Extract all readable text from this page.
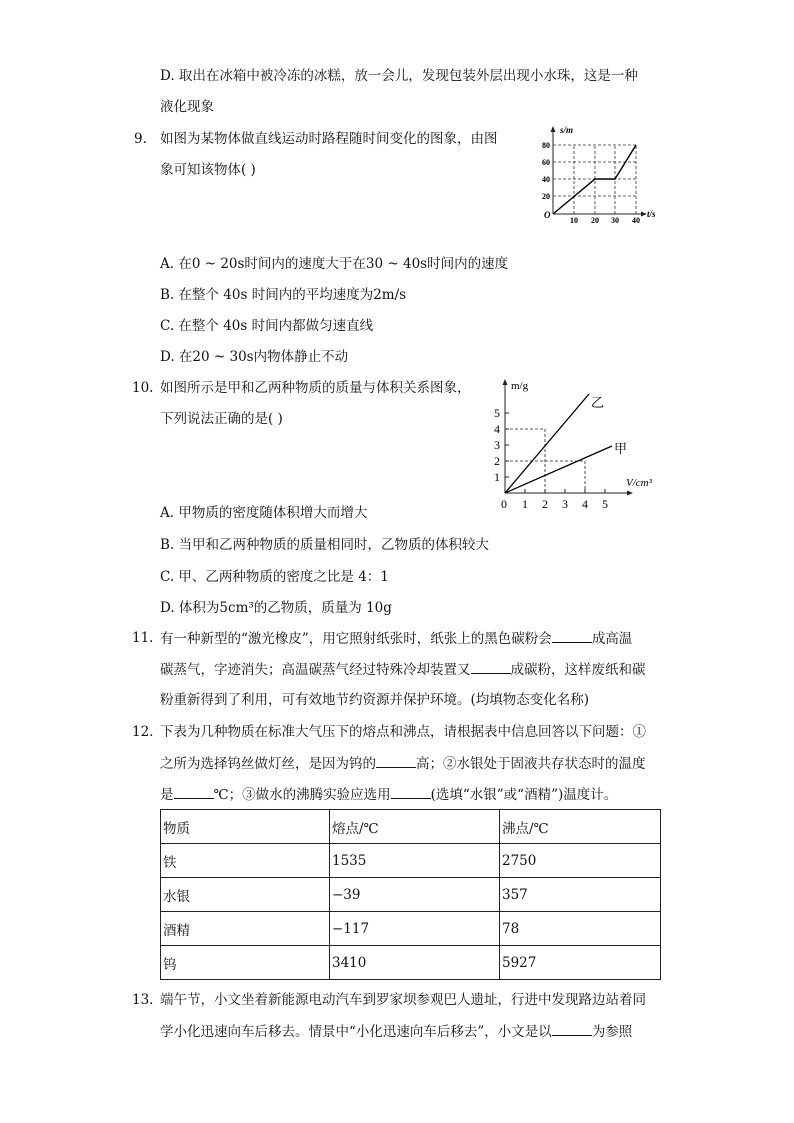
D. 取出在冰箱中被冷冻的冰糕，放一会儿，发现包装外层出现小水珠，这是一种
液化现象
9. 如图为某物体做直线运动时路程随时间变化的图象，由图
象可知该物体( )
s/m
t/s
O
20
40
60
80
10 20 30 40
A. 在0 ~ 20s时间内的速度大于在30 ~ 40s时间内的速度
B. 在整个 40s 时间内的平均速度为2m/s
C. 在整个 40s 时间内都做匀速直线
D. 在20 ~ 30s内物体静止不动
10. 如图所示是甲和乙两种物质的质量与体积关系图象，
下列说法正确的是( )
乙
甲
m/g
V/cm³
0
1
2
3
4
5
1 2 3 4 5
A. 甲物质的密度随体积增大而增大
B. 当甲和乙两种物质的质量相同时，乙物质的体积较大
C. 甲、乙两种物质的密度之比是 4：1
D. 体积为5cm³的乙物质，质量为 10g
11. 有一种新型的“激光橡皮”，用它照射纸张时，纸张上的黑色碳粉会	成高温
碳蒸气，字迹消失；高温碳蒸气经过特殊冷却装置又	成碳粉，这样废纸和碳
粉重新得到了利用，可有效地节约资源并保护环境。(均填物态变化名称)
12. 下表为几种物质在标准大气压下的熔点和沸点，请根据表中信息回答以下问题：①
之所为选择钨丝做灯丝，是因为钨的	高；②水银处于固液共存状态时的温度
是	℃；③做水的沸腾实验应选用	(选填“水银”或“酒精”)温度计。
物质	熔点/℃	沸点/℃
铁	1535	2750
水银	−39	357
酒精	−117	78
钨	3410	5927
13. 端午节，小文坐着新能源电动汽车到罗家坝参观巴人遗址，行进中发现路边站着同
学小化迅速向车后移去。情景中“小化迅速向车后移去”，小文是以	为参照
